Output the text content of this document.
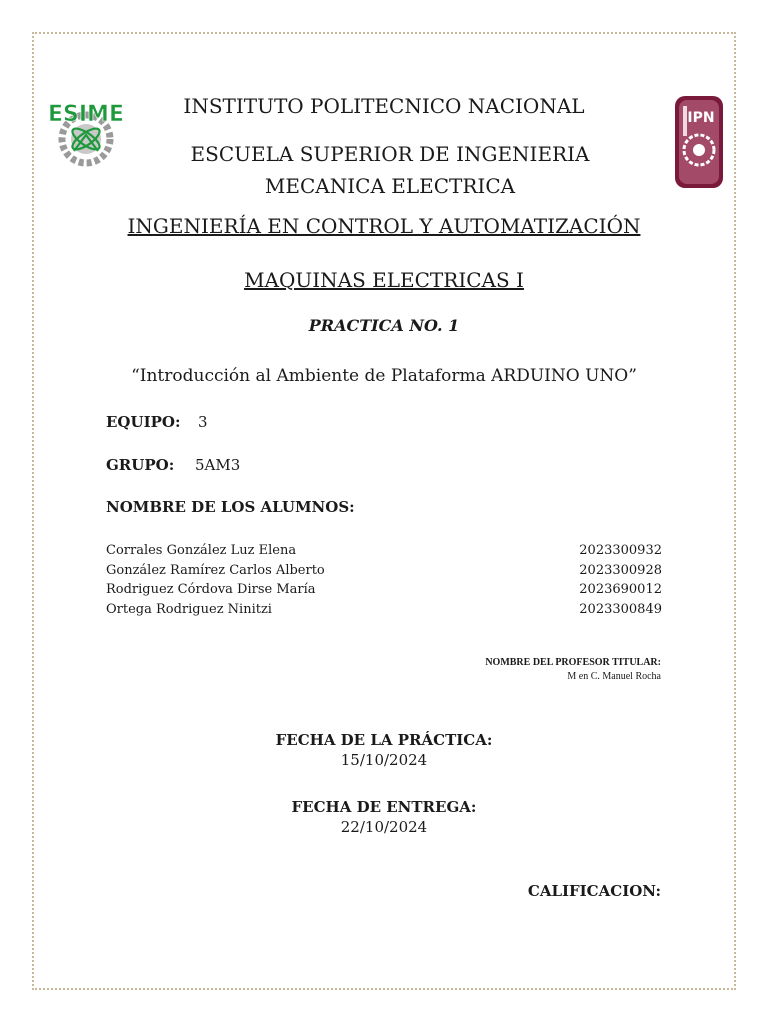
ESIME	IPN
INSTITUTO POLITECNICO NACIONAL
ESCUELA SUPERIOR DE INGENIERIA MECANICA ELECTRICA
INGENIERÍA EN CONTROL Y AUTOMATIZACIÓN
MAQUINAS ELECTRICAS I
PRACTICA NO. 1
“Introducción al Ambiente de Plataforma ARDUINO UNO”
EQUIPO: 3
GRUPO: 5AM3
NOMBRE DE LOS ALUMNOS:
Corrales González Luz Elena	2023300932
González Ramírez Carlos Alberto	2023300928
Rodriguez Córdova Dirse María	2023690012
Ortega Rodriguez Ninitzi	2023300849
NOMBRE DEL PROFESOR TITULAR:
M en C. Manuel Rocha
FECHA DE LA PRÁCTICA:
15/10/2024
FECHA DE ENTREGA:
22/10/2024
CALIFICACION:
